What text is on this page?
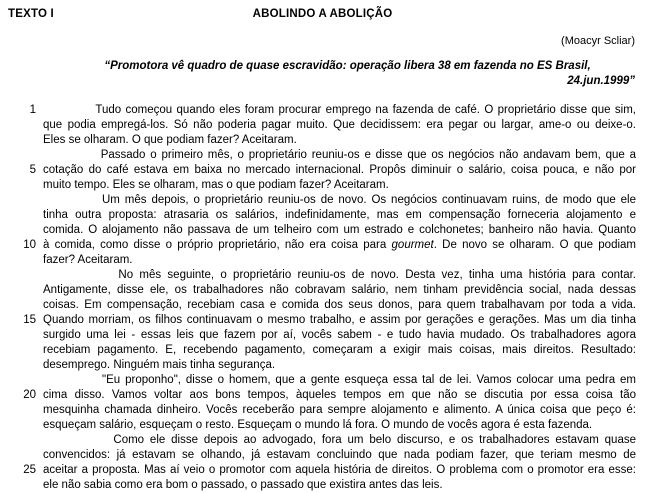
TEXTO I	ABOLINDO A ABOLIÇÃO
(Moacyr Scliar)
“Promotora vê quadro de quase escravidão: operação libera 38 em fazenda no ES Brasil,
24.jun.1999”
1 Tudo começou quando eles foram procurar emprego na fazenda de café. O proprietário disse que sim,
que podia empregá-los. Só não poderia pagar muito. Que decidissem: era pegar ou largar, ame-o ou deixe-o.
Eles se olharam. O que podiam fazer? Aceitaram.
Passado o primeiro mês, o proprietário reuniu-os e disse que os negócios não andavam bem, que a
5 cotação do café estava em baixa no mercado internacional. Propôs diminuir o salário, coisa pouca, e não por
muito tempo. Eles se olharam, mas o que podiam fazer? Aceitaram.
Um mês depois, o proprietário reuniu-os de novo. Os negócios continuavam ruins, de modo que ele
tinha outra proposta: atrasaria os salários, indefinidamente, mas em compensação forneceria alojamento e
comida. O alojamento não passava de um telheiro com um estrado e colchonetes; banheiro não havia. Quanto
10 à comida, como disse o próprio proprietário, não era coisa para gourmet. De novo se olharam. O que podiam
fazer? Aceitaram.
No mês seguinte, o proprietário reuniu-os de novo. Desta vez, tinha uma história para contar.
Antigamente, disse ele, os trabalhadores não cobravam salário, nem tinham previdência social, nada dessas
coisas. Em compensação, recebiam casa e comida dos seus donos, para quem trabalhavam por toda a vida.
15 Quando morriam, os filhos continuavam o mesmo trabalho, e assim por gerações e gerações. Mas um dia tinha
surgido uma lei - essas leis que fazem por aí, vocês sabem - e tudo havia mudado. Os trabalhadores agora
recebiam pagamento. E, recebendo pagamento, começaram a exigir mais coisas, mais direitos. Resultado:
desemprego. Ninguém mais tinha segurança.
"Eu proponho", disse o homem, que a gente esqueça essa tal de lei. Vamos colocar uma pedra em
20 cima disso. Vamos voltar aos bons tempos, àqueles tempos em que não se discutia por essa coisa tão
mesquinha chamada dinheiro. Vocês receberão para sempre alojamento e alimento. A única coisa que peço é:
esqueçam salário, esqueçam o resto. Esqueçam o mundo lá fora. O mundo de vocês agora é esta fazenda.
Como ele disse depois ao advogado, fora um belo discurso, e os trabalhadores estavam quase
convencidos: já estavam se olhando, já estavam concluindo que nada podiam fazer, que teriam mesmo de
25 aceitar a proposta. Mas aí veio o promotor com aquela história de direitos. O problema com o promotor era esse:
ele não sabia como era bom o passado, o passado que existira antes das leis.
